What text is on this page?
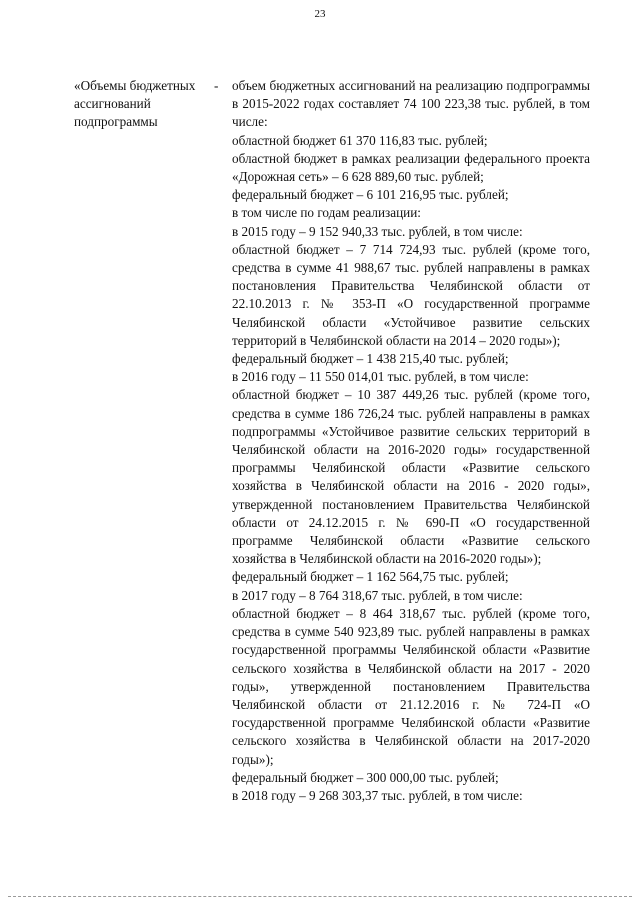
23
«Объемы бюджетных ассигнований подпрограммы
- объем бюджетных ассигнований на реализацию подпрограммы в 2015-2022 годах составляет 74 100 223,38 тыс. рублей, в том числе:

областной бюджет 61 370 116,83 тыс. рублей;

областной бюджет в рамках реализации федерального проекта «Дорожная сеть» – 6 628 889,60 тыс. рублей;

федеральный бюджет – 6 101 216,95 тыс. рублей;

в том числе по годам реализации:

в 2015 году – 9 152 940,33 тыс. рублей, в том числе:

областной бюджет – 7 714 724,93 тыс. рублей (кроме того, средства в сумме 41 988,67 тыс. рублей направлены в рамках постановления Правительства Челябинской области от 22.10.2013 г. № 353-П «О государственной программе Челябинской области «Устойчивое развитие сельских территорий в Челябинской области на 2014 – 2020 годы»);

федеральный бюджет – 1 438 215,40 тыс. рублей;

в 2016 году – 11 550 014,01 тыс. рублей, в том числе:

областной бюджет – 10 387 449,26 тыс. рублей (кроме того, средства в сумме 186 726,24 тыс. рублей направлены в рамках подпрограммы «Устойчивое развитие сельских территорий в Челябинской области на 2016-2020 годы» государственной программы Челябинской области «Развитие сельского хозяйства в Челябинской области на 2016 - 2020 годы», утвержденной постановлением Правительства Челябинской области от 24.12.2015 г. № 690-П «О государственной программе Челябинской области «Развитие сельского хозяйства в Челябинской области на 2016-2020 годы»);

федеральный бюджет – 1 162 564,75 тыс. рублей;

в 2017 году – 8 764 318,67 тыс. рублей, в том числе:

областной бюджет – 8 464 318,67 тыс. рублей (кроме того, средства в сумме 540 923,89 тыс. рублей направлены в рамках государственной программы Челябинской области «Развитие сельского хозяйства в Челябинской области на 2017 - 2020 годы», утвержденной постановлением Правительства Челябинской области от 21.12.2016 г. № 724-П «О государственной программе Челябинской области «Развитие сельского хозяйства в Челябинской области на 2017-2020 годы»);

федеральный бюджет – 300 000,00 тыс. рублей;

в 2018 году – 9 268 303,37 тыс. рублей, в том числе:
